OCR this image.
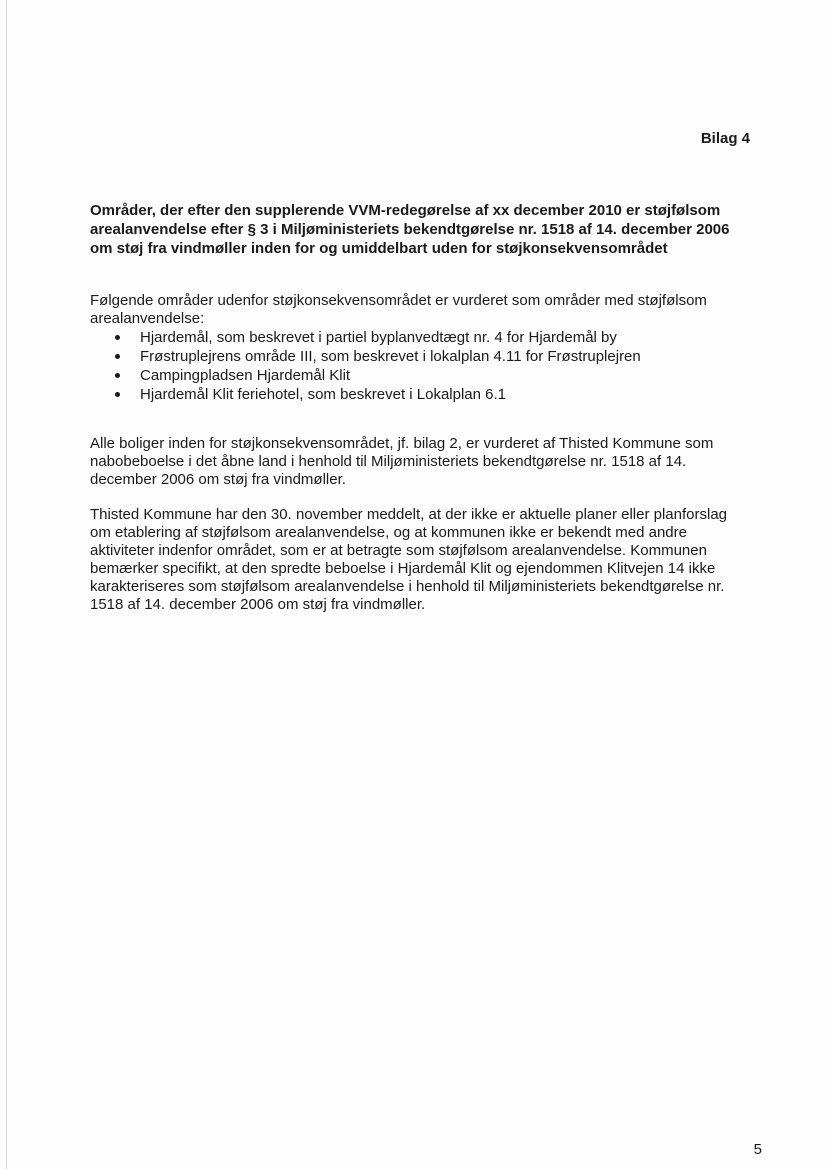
Bilag 4

Områder, der efter den supplerende VVM-redegørelse af xx december 2010 er støjfølsom arealanvendelse efter § 3 i Miljøministeriets bekendtgørelse nr. 1518 af 14. december 2006 om støj fra vindmøller inden for og umiddelbart uden for støjkonsekvensområdet

Følgende områder udenfor støjkonsekvensområdet er vurderet som områder med støjfølsom arealanvendelse:

Hjardemål, som beskrevet i partiel byplanvedtægt nr. 4 for Hjardemål by
Frøstruplejrens område III, som beskrevet i lokalplan 4.11 for Frøstruplejren
Campingpladsen Hjardemål Klit
Hjardemål Klit feriehotel, som beskrevet i Lokalplan 6.1

Alle boliger inden for støjkonsekvensområdet, jf. bilag 2, er vurderet af Thisted Kommune som nabobeboelse i det åbne land i henhold til Miljøministeriets bekendtgørelse nr. 1518 af 14. december 2006 om støj fra vindmøller.

Thisted Kommune har den 30. november meddelt, at der ikke er aktuelle planer eller planforslag om etablering af støjfølsom arealanvendelse, og at kommunen ikke er bekendt med andre aktiviteter indenfor området, som er at betragte som støjfølsom arealanvendelse. Kommunen bemærker specifikt, at den spredte beboelse i Hjardemål Klit og ejendommen Klitvejen 14 ikke karakteriseres som støjfølsom arealanvendelse i henhold til Miljøministeriets bekendtgørelse nr. 1518 af 14. december 2006 om støj fra vindmøller.

5
